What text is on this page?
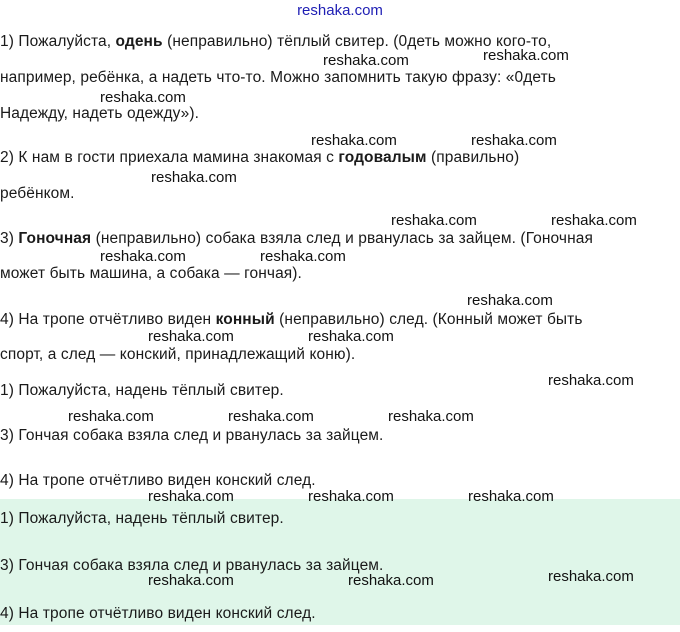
reshaka.com
1) Пожалуйста, одень (неправильно) тёплый свитер. (0деть можно кого-то,
например, ребёнка, а надеть что-то. Можно запомнить такую фразу: «0деть
Надежду, надеть одежду»).
2) К нам в гости приехала мамина знакомая с годовалым (правильно)
ребёнком.
3) Гоночная (неправильно) собака взяла след и рванулась за зайцем. (Гоночная
может быть машина, а собака — гончая).
4) На тропе отчётливо виден конный (неправильно) след. (Конный может быть
спорт, а след — конский, принадлежащий коню).
1) Пожалуйста, надень тёплый свитер.
3) Гончая собака взяла след и рванулась за зайцем.
4) На тропе отчётливо виден конский след.
1) Пожалуйста, надень тёплый свитер.
3) Гончая собака взяла след и рванулась за зайцем.
4) На тропе отчётливо виден конский след.
reshaka.com	reshaka.com
reshaka.com
reshaka.com	reshaka.com
reshaka.com
reshaka.com	reshaka.com
reshaka.com	reshaka.com
reshaka.com
reshaka.com	reshaka.com
reshaka.com
reshaka.com	reshaka.com	reshaka.com
reshaka.com	reshaka.com	reshaka.com
reshaka.com	reshaka.com	reshaka.com
